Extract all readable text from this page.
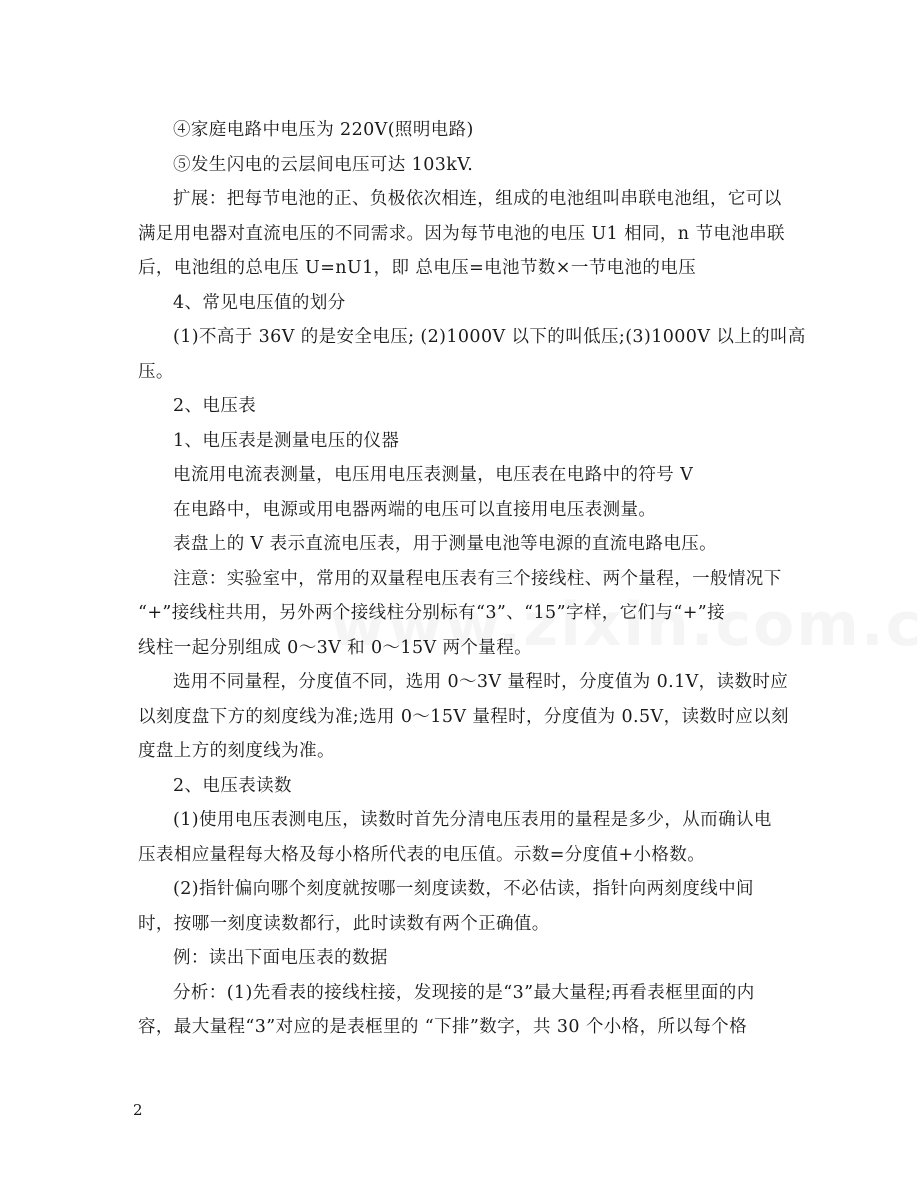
④家庭电路中电压为 220V(照明电路)

⑤发生闪电的云层间电压可达 103kV.

扩展：把每节电池的正、负极依次相连，组成的电池组叫串联电池组，它可以

满足用电器对直流电压的不同需求。因为每节电池的电压 U1 相同，n 节电池串联

后，电池组的总电压 U=nU1，即 总电压=电池节数×一节电池的电压

4、常见电压值的划分

(1)不高于 36V 的是安全电压; (2)1000V 以下的叫低压;(3)1000V 以上的叫高

压。

2、电压表

1、电压表是测量电压的仪器

电流用电流表测量，电压用电压表测量，电压表在电路中的符号 V

在电路中，电源或用电器两端的电压可以直接用电压表测量。

表盘上的 V 表示直流电压表，用于测量电池等电源的直流电路电压。

注意：实验室中，常用的双量程电压表有三个接线柱、两个量程，一般情况下

“+”接线柱共用，另外两个接线柱分别标有“3”、“15”字样，它们与“+”接

线柱一起分别组成 0～3V 和 0～15V 两个量程。

选用不同量程，分度值不同，选用 0～3V 量程时，分度值为 0.1V，读数时应

以刻度盘下方的刻度线为准;选用 0～15V 量程时，分度值为 0.5V，读数时应以刻

度盘上方的刻度线为准。

2、电压表读数

(1)使用电压表测电压，读数时首先分清电压表用的量程是多少，从而确认电

压表相应量程每大格及每小格所代表的电压值。示数=分度值+小格数。

(2)指针偏向哪个刻度就按哪一刻度读数，不必估读，指针向两刻度线中间

时，按哪一刻度读数都行，此时读数有两个正确值。

例：读出下面电压表的数据

分析：(1)先看表的接线柱接，发现接的是“3”最大量程;再看表框里面的内

容，最大量程“3”对应的是表框里的 “下排”数字，共 30 个小格，所以每个格

2
